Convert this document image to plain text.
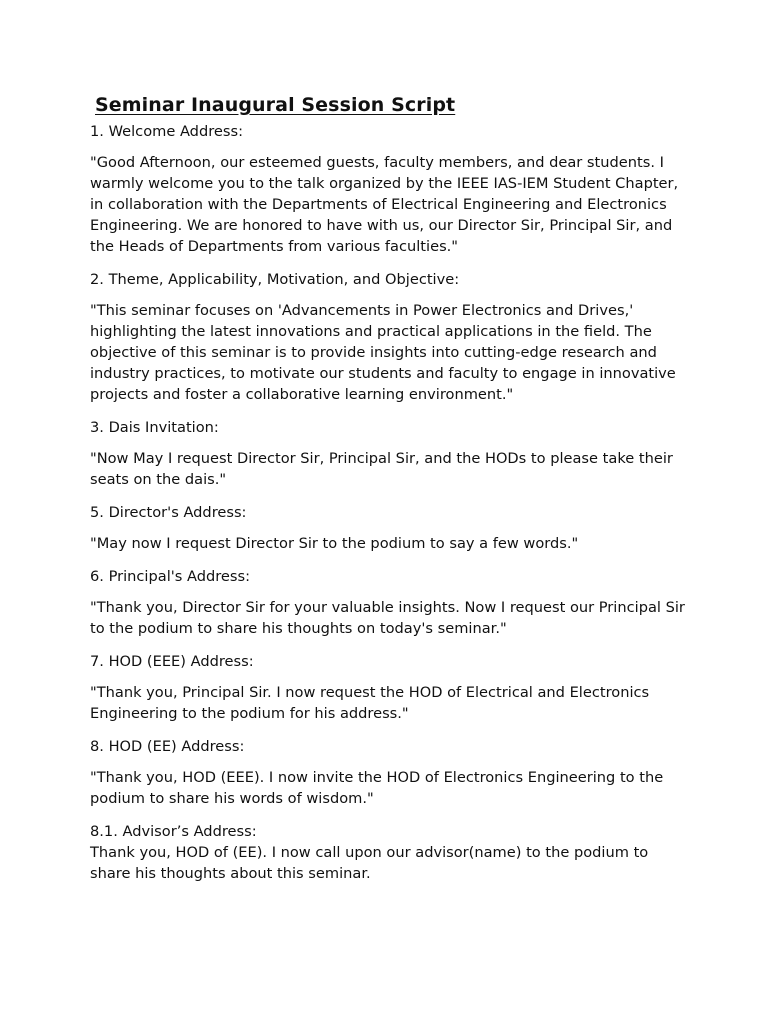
Seminar Inaugural Session Script

1. Welcome Address:

"Good Afternoon, our esteemed guests, faculty members, and dear students. I warmly welcome you to the talk organized by the IEEE IAS-IEM Student Chapter, in collaboration with the Departments of Electrical Engineering and Electronics Engineering. We are honored to have with us, our Director Sir, Principal Sir, and the Heads of Departments from various faculties."

2. Theme, Applicability, Motivation, and Objective:

"This seminar focuses on 'Advancements in Power Electronics and Drives,' highlighting the latest innovations and practical applications in the field. The objective of this seminar is to provide insights into cutting-edge research and industry practices, to motivate our students and faculty to engage in innovative projects and foster a collaborative learning environment."

3. Dais Invitation:

"Now May I request Director Sir, Principal Sir, and the HODs to please take their seats on the dais."

5. Director's Address:

"May now I request Director Sir to the podium to say a few words."

6. Principal's Address:

"Thank you, Director Sir for your valuable insights. Now I request our Principal Sir to the podium to share his thoughts on today's seminar."

7. HOD (EEE) Address:

"Thank you, Principal Sir. I now request the HOD of Electrical and Electronics Engineering to the podium for his address."

8. HOD (EE) Address:

"Thank you, HOD (EEE). I now invite the HOD of Electronics Engineering to the podium to share his words of wisdom."

8.1. Advisor’s Address:

Thank you, HOD of (EE). I now call upon our advisor(name) to the podium to share his thoughts about this seminar.
